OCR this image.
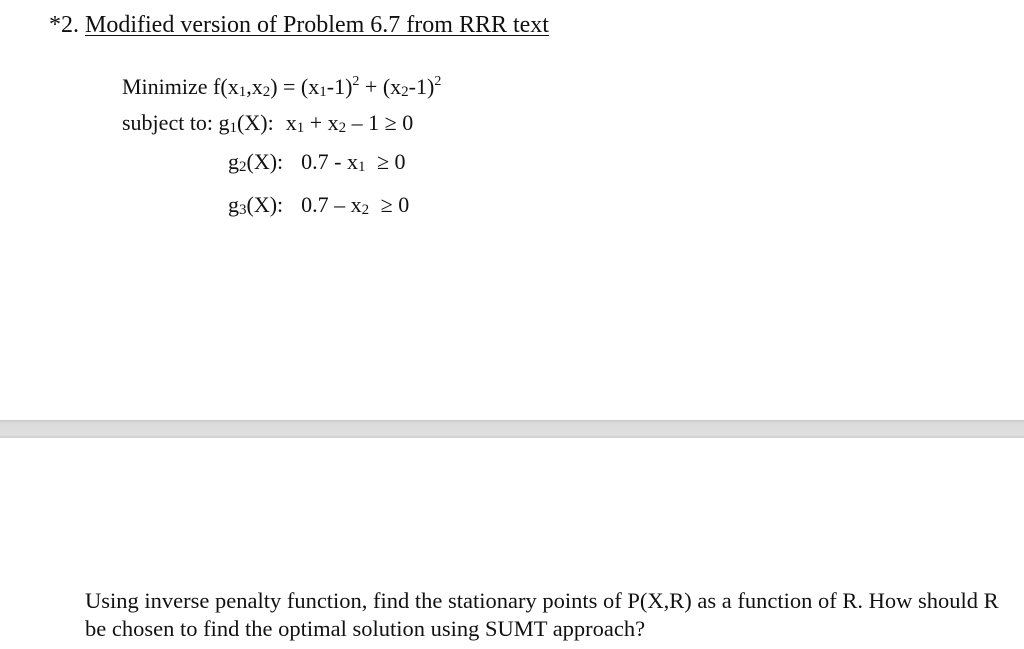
*2. Modified version of Problem 6.7 from RRR text
Minimize $f(x1,x2) = (x1-1)^2 + (x2-1)^2$
subject to: g1(X): x1 + x2 – 1 ≥ 0
g2(X): 0.7 - x1 ≥ 0
g3(X): 0.7 – x2 ≥ 0
Using inverse penalty function, find the stationary points of P(X,R) as a function of R. How should R be chosen to find the optimal solution using SUMT approach?
